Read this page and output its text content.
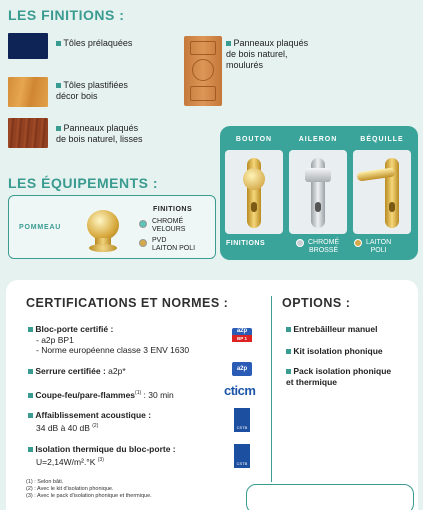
LES FINITIONS :
Tôles prélaquées
Tôles plastifiées
décor bois
Panneaux plaqués
de bois naturel, lisses
Panneaux plaqués
de bois naturel,
moulurés
BOUTON	AILERON	BÉQUILLE
FINITIONS	CHROMÉ
BROSSÉ
LAITON
POLI
LES ÉQUIPEMENTS :
POMMEAU
FINITIONS
CHROMÉ
VELOURS
PVD
LAITON POLI
CERTIFICATIONS ET NORMES :	OPTIONS :
Bloc-porte certifié :
- a2p BP1
- Norme européenne classe 3 ENV 1630
a2p
BP 1
Serrure certifiée : a2p*	a2p
Coupe-feu/pare-flammes$^{(1)}$ : 30 min	cticm
Affaiblissement acoustique :
34 dB à 40 dB $^{(2)}$	CSTB
Isolation thermique du bloc-porte :
U=2,14W/m².°K $^{(3)}$
CSTB
(1) : Selon bâti.
(2) : Avec le kit d'isolation phonique.
(3) : Avec le pack d'isolation phonique et thermique.
Entrebâilleur manuel
Kit isolation phonique
Pack isolation phonique
et thermique
